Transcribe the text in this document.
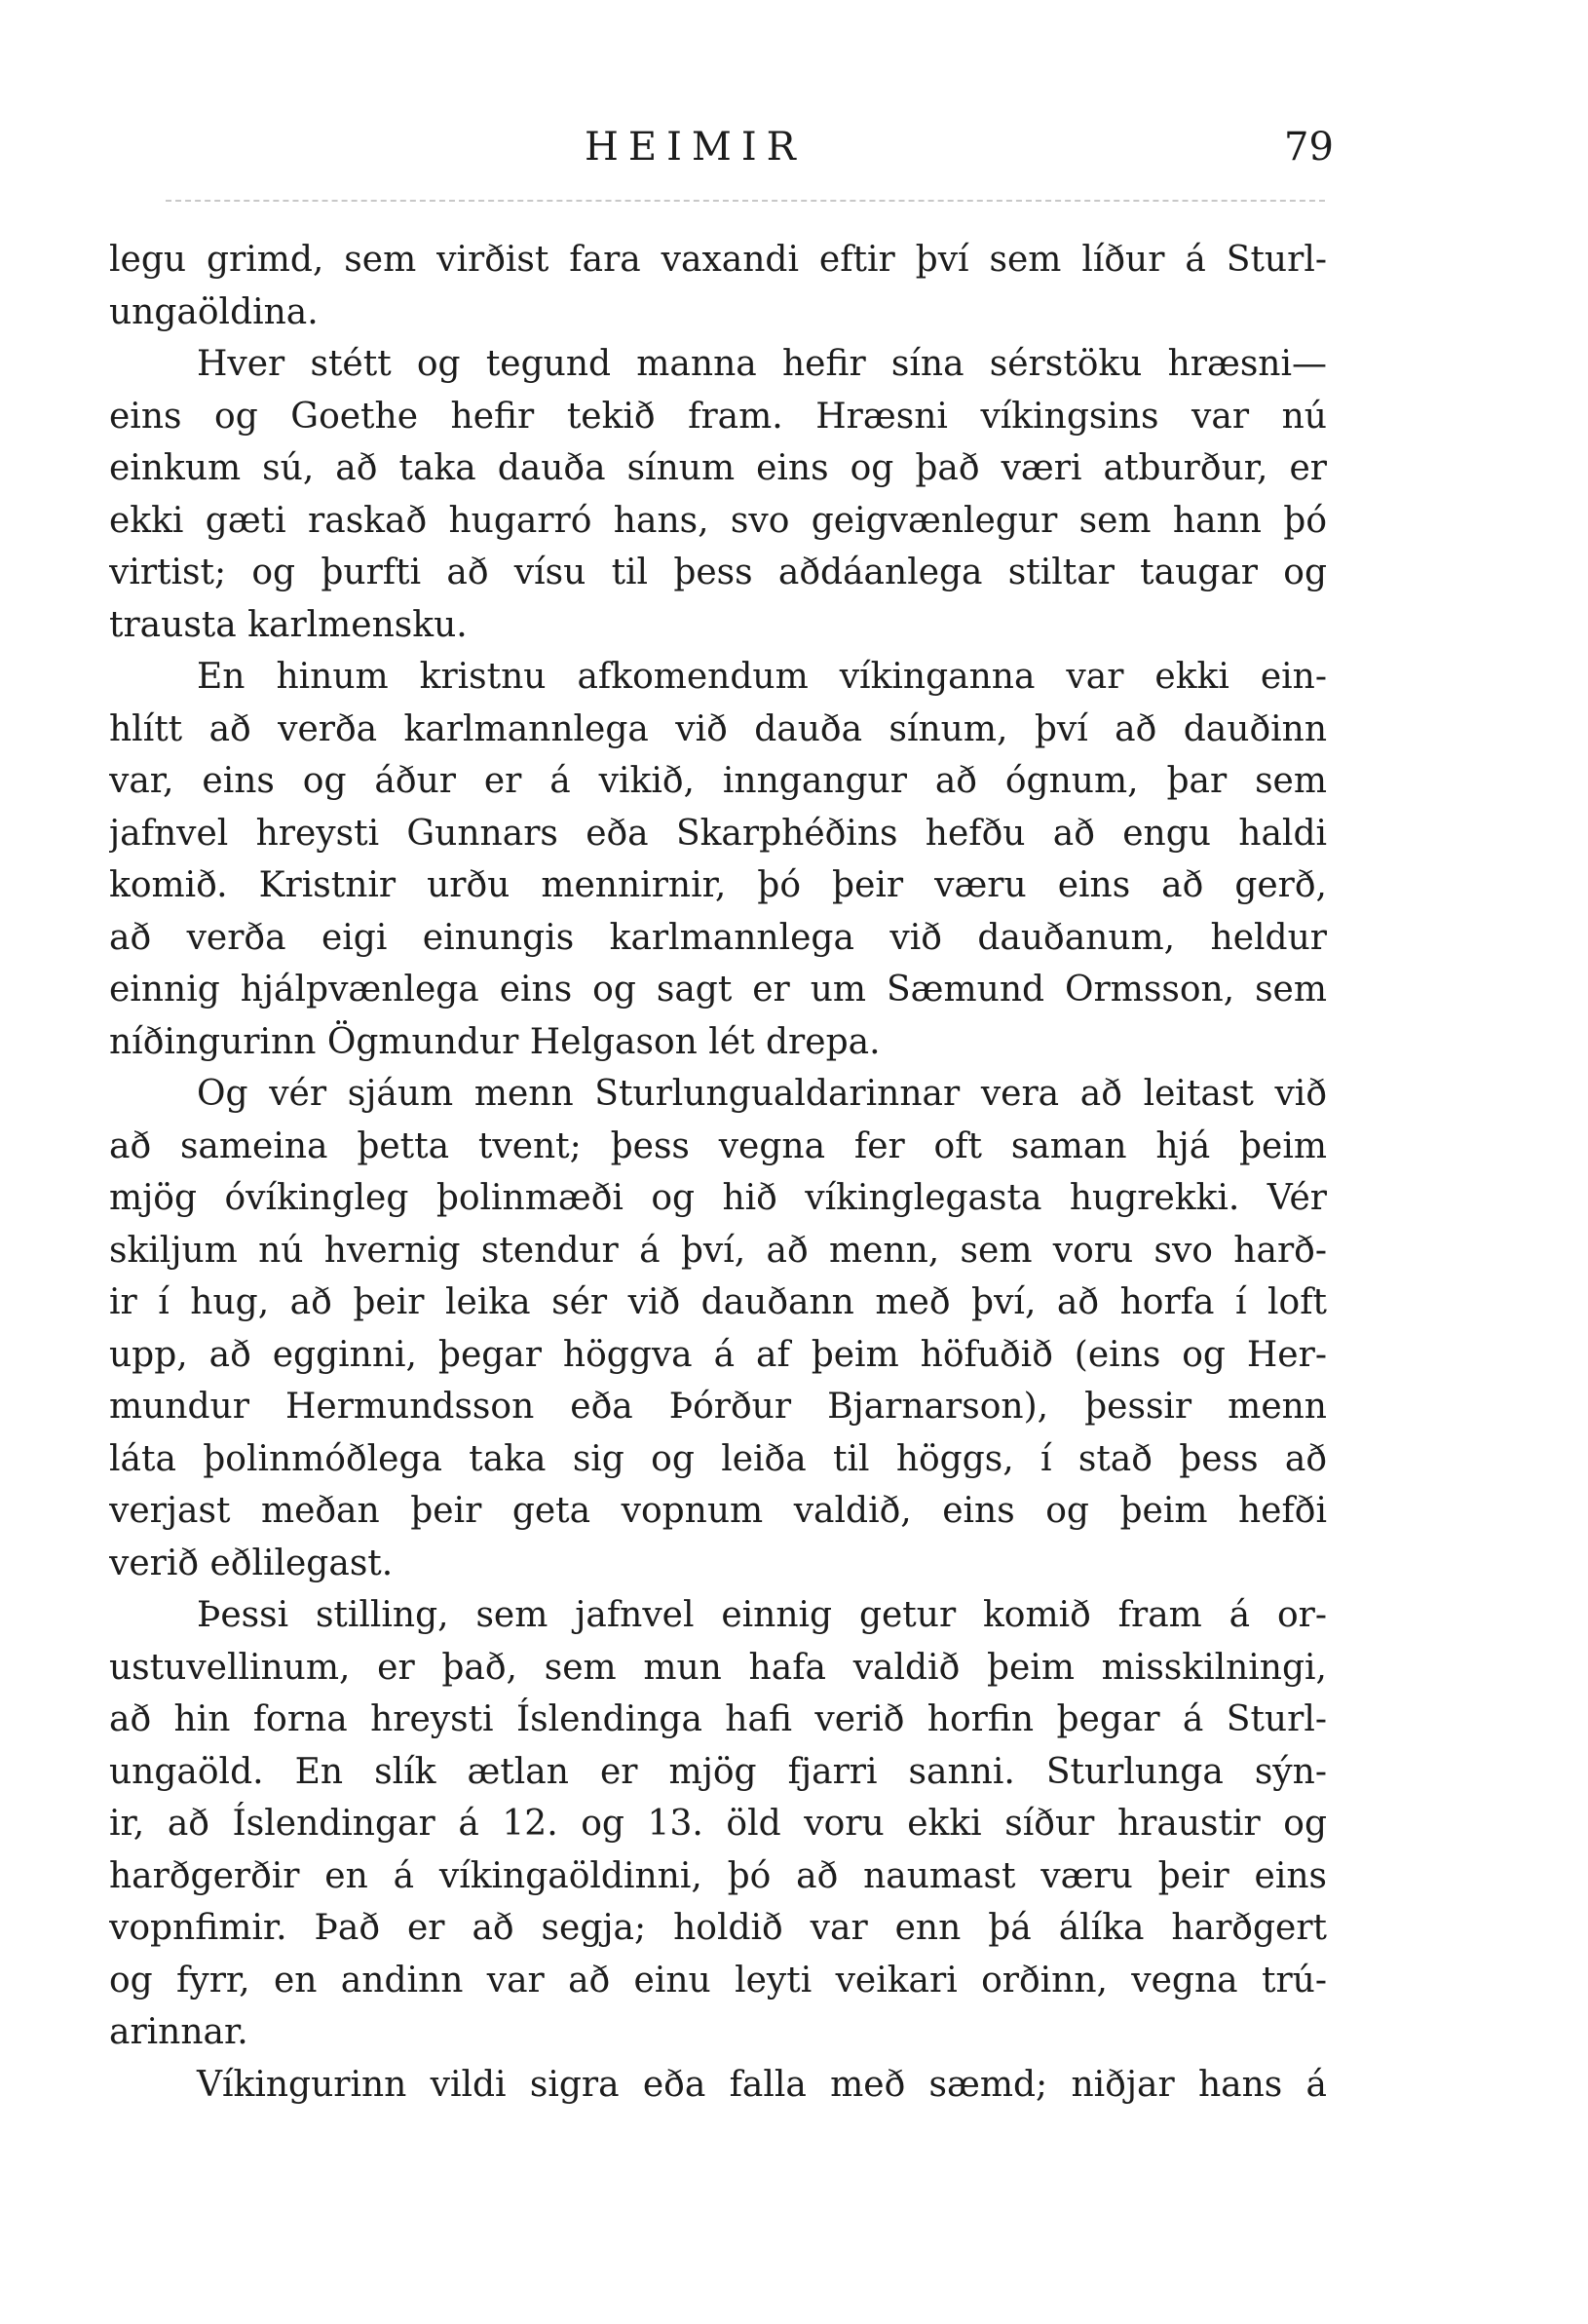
HEIMIR	79
legu grimd, sem virðist fara vaxandi eftir því sem líður á Sturl-
ungaöldina.
Hver stétt og tegund manna hefir sína sérstöku hræsni—
eins og Goethe hefir tekið fram. Hræsni víkingsins var nú
einkum sú, að taka dauða sínum eins og það væri atburður, er
ekki gæti raskað hugarró hans, svo geigvænlegur sem hann þó
virtist; og þurfti að vísu til þess aðdáanlega stiltar taugar og
trausta karlmensku.
En hinum kristnu afkomendum víkinganna var ekki ein-
hlítt að verða karlmannlega við dauða sínum, því að dauðinn
var, eins og áður er á vikið, inngangur að ógnum, þar sem
jafnvel hreysti Gunnars eða Skarphéðins hefðu að engu haldi
komið. Kristnir urðu mennirnir, þó þeir væru eins að gerð,
að verða eigi einungis karlmannlega við dauðanum, heldur
einnig hjálpvænlega eins og sagt er um Sæmund Ormsson, sem
níðingurinn Ögmundur Helgason lét drepa.
Og vér sjáum menn Sturlungualdarinnar vera að leitast við
að sameina þetta tvent; þess vegna fer oft saman hjá þeim
mjög óvíkingleg þolinmæði og hið víkinglegasta hugrekki. Vér
skiljum nú hvernig stendur á því, að menn, sem voru svo harð-
ir í hug, að þeir leika sér við dauðann með því, að horfa í loft
upp, að egginni, þegar höggva á af þeim höfuðið (eins og Her-
mundur Hermundsson eða Þórður Bjarnarson), þessir menn
láta þolinmóðlega taka sig og leiða til höggs, í stað þess að
verjast meðan þeir geta vopnum valdið, eins og þeim hefði
verið eðlilegast.
Þessi stilling, sem jafnvel einnig getur komið fram á or-
ustuvellinum, er það, sem mun hafa valdið þeim misskilningi,
að hin forna hreysti Íslendinga hafi verið horfin þegar á Sturl-
ungaöld. En slík ætlan er mjög fjarri sanni. Sturlunga sýn-
ir, að Íslendingar á 12. og 13. öld voru ekki síður hraustir og
harðgerðir en á víkingaöldinni, þó að naumast væru þeir eins
vopnfimir. Það er að segja; holdið var enn þá álíka harðgert
og fyrr, en andinn var að einu leyti veikari orðinn, vegna trú-
arinnar.
Víkingurinn vildi sigra eða falla með sæmd; niðjar hans á
